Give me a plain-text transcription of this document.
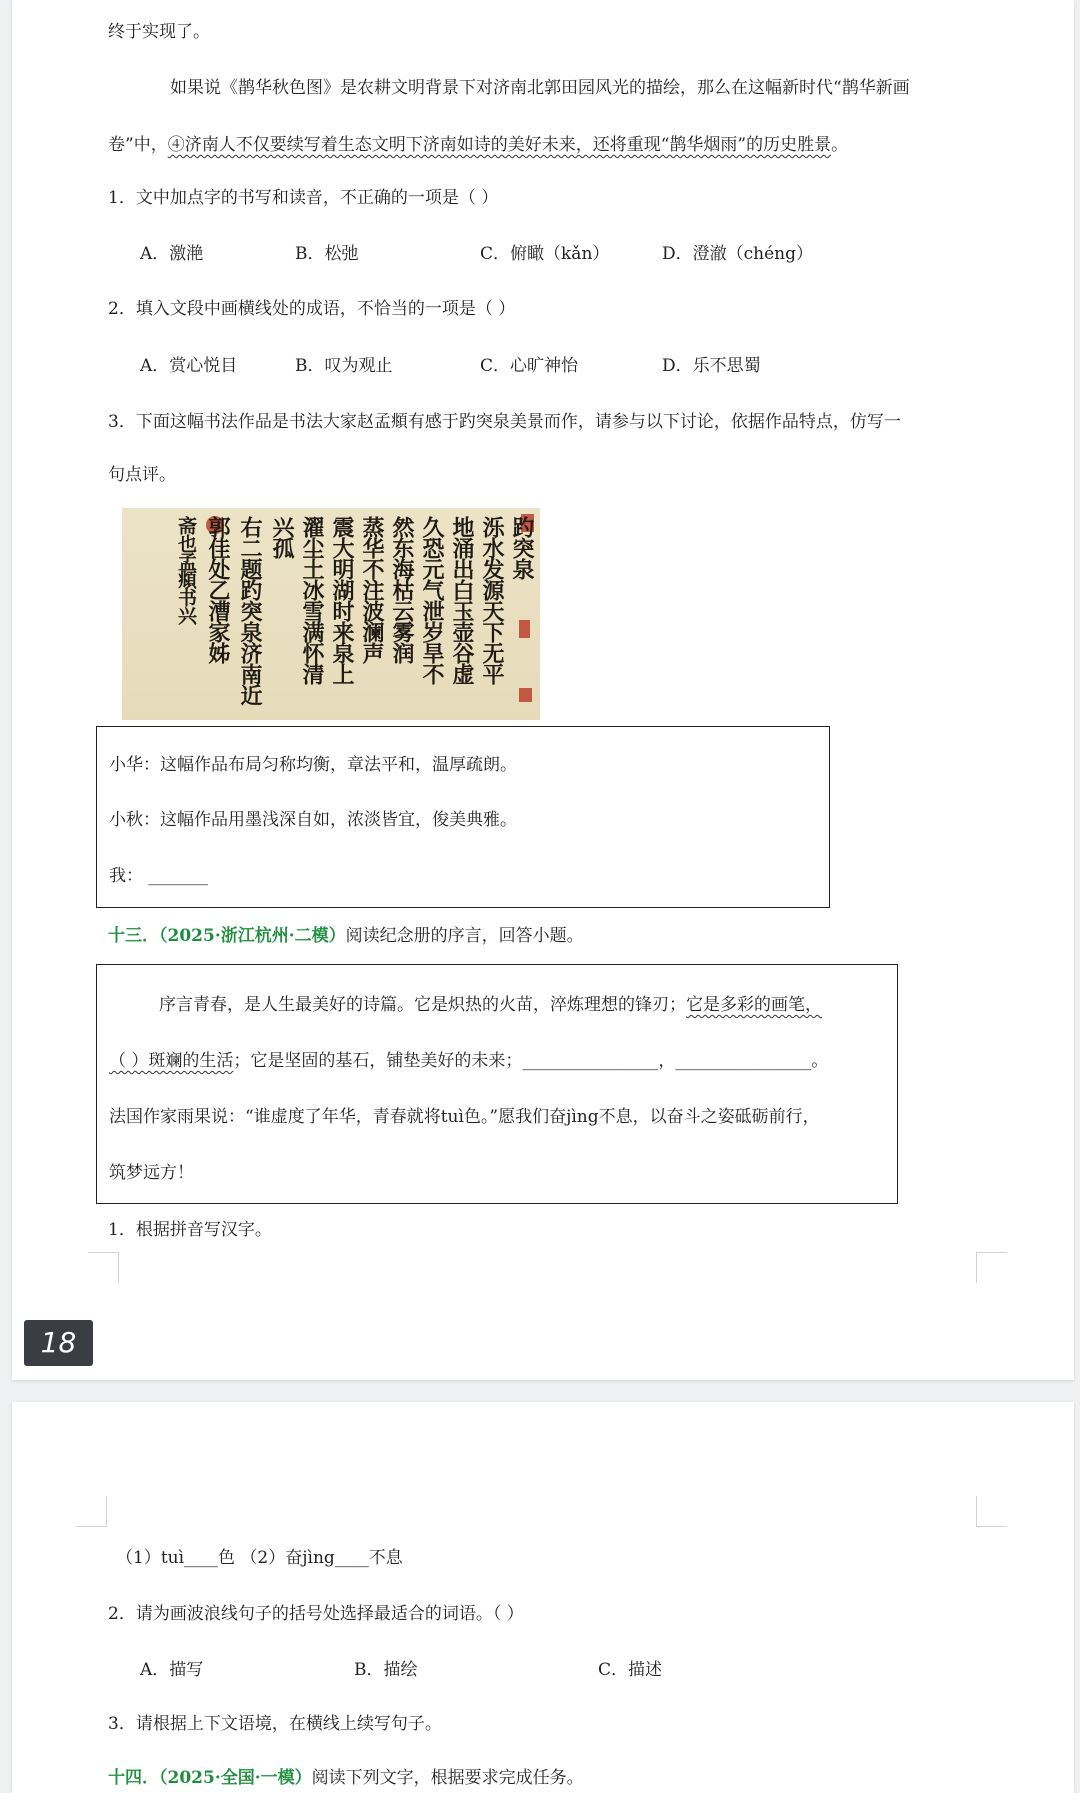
终于实现了。
如果说《鹊华秋色图》是农耕文明背景下对济南北郭田园风光的描绘，那么在这幅新时代“鹊华新画
卷”中，④济南人不仅要续写着生态文明下济南如诗的美好未来，还将重现“鹊华烟雨”的历史胜景。
1．文中加点字的书写和读音，不正确的一项是（ ）
A．激滟	B．松弛	C．俯瞰（kǎn）	D．澄澈（chéng）
2．填入文段中画横线处的成语，不恰当的一项是（ ）
A．赏心悦目	B．叹为观止	C．心旷神怡	D．乐不思蜀
3．下面这幅书法作品是书法大家赵孟頫有感于趵突泉美景而作，请参与以下讨论，依据作品特点，仿写一
句点评。
趵突泉
泺水发源天下无平
地涌出白玉壶谷虚
久恐元气泄岁旱不
然东海枯云雾润
蒸华不注波澜声
震大明湖时来泉上
濯尘土冰雪满怀清
兴孤
右二题趵突泉济南近
郭佳处乙漕家姊
斋也孟頫书兴
小华：这幅作品布局匀称均衡，章法平和，温厚疏朗。
小秋：这幅作品用墨浅深自如，浓淡皆宜，俊美典雅。
我： _______
十三．（2025·浙江杭州·二模）阅读纪念册的序言，回答小题。
序言青春，是人生最美好的诗篇。它是炽热的火苗，淬炼理想的锋刃；它是多彩的画笔，
（ ）斑斓的生活；它是坚固的基石，铺垫美好的未来；________________，________________。
法国作家雨果说：“谁虚度了年华，青春就将tuì色。”愿我们奋jìng不息，以奋斗之姿砥砺前行，
筑梦远方！
1．根据拼音写汉字。
18
（1）tuì____色 （2）奋jìng____不息
2．请为画波浪线句子的括号处选择最适合的词语。（ ）
A．描写	B．描绘	C．描述
3．请根据上下文语境，在横线上续写句子。
十四．（2025·全国·一模）阅读下列文字，根据要求完成任务。
